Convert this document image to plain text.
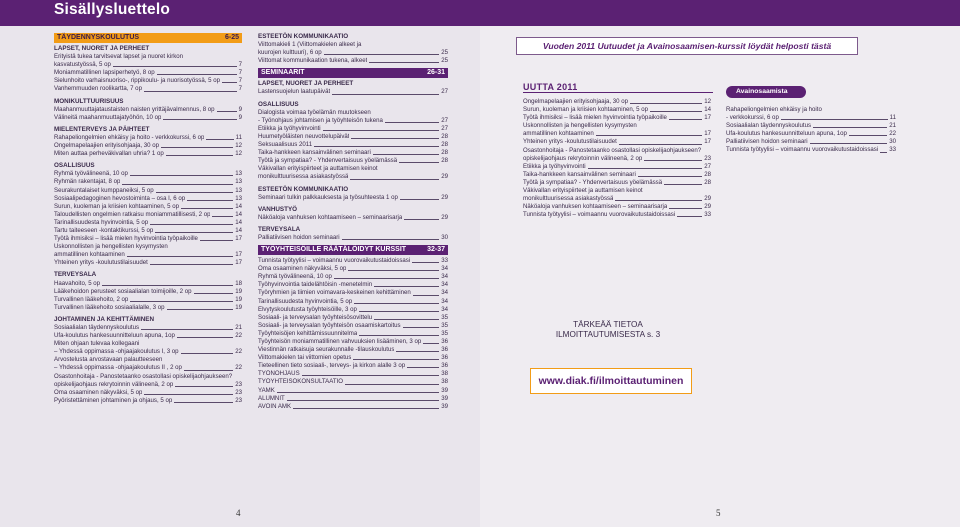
Sisällysluettelo
TÄYDENNYSKOULUTUS	6-25
LAPSET, NUORET JA PERHEET
Erityistä tukea tarvitsevat lapset ja nuoret kirkon
kasvatustyössä, 5 op	7
Moniammatillinen lapsiperhetyö, 8 op	7
Sielunhoito varhaisnuoriso-, rippikoulu- ja nuorisotyössä, 5 op	7
Vanhemmuuden roolikartta, 7 op	7
MONIKULTTUURISUUS
Maahanmuuttajataustaisten naisten yrittäjävalmennus, 8 op	9
Välineitä maahanmuuttajatyöhön, 10 op	9
MIELENTERVEYS JA PÄIHTEET
Rahapeliongelmien ehkäisy ja hoito - verkkokurssi, 6 op	11
Ongelmapelaajien erityisohjaaja, 30 op	12
Miten auttaa perheväkivallan uhria? 1 op	12
OSALLISUUS
Ryhmä työvälineenä, 10 op	13
Ryhmän rakentajat, 8 op	13
Seurakuntalaiset kumppaneiksi, 5 op	13
Sosiaalipedagoginen hevostoiminta – osa I, 6 op	13
Surun, kuoleman ja kriisien kohtaaminen, 5 op	14
Taloudellisten ongelmien ratkaisu moniammatillisesti, 2 op	14
Tarinallisuudesta hyvinvointia, 5 op	14
Tartu taiteeseen -kontaktikurssi, 5 op	14
Työtä ihmisiksi – lisää mielen hyvinvointia työpaikoille	17
Uskonnollisten ja hengellisten kysymysten
ammatillinen kohtaaminen	17
Yhteinen yritys -koulutustilaisuudet	17
TERVEYSALA
Haavahoito, 5 op	18
Lääkehoidon perusteet sosiaalialan toimijoille, 2 op	19
Turvallinen lääkehoito, 2 op	19
Turvallinen lääkehoito sosiaalialalle, 3 op	19
JOHTAMINEN JA KEHITTÄMINEN
Sosiaalialan täydennyskoulutus	21
Ufa-koulutus hankesuunnitteluun apuna, 1op	22
Miten ohjaan tulevaa kollegaani
– Yhdessä oppimassa -ohjaajakoulutus I, 3 op	22
Arvostelusta arvostavaan palautteeseen
– Yhdessä oppimassa -ohjaajakoulutus II , 2 op	22
Osastonhoitaja - Panostetaanko osastollasi opiskelijaohjaukseen?
opiskelijaohjaus rekrytoinnin välineenä, 2 op	23
Oma osaaminen näkyväksi, 5 op	23
Pyöristettäminen johtaminen ja ohjaus, 5 op	23
ESTEETÖN KOMMUNIKAATIO
Viittomakieli 1 (Viittomakielen alkeet ja
kuurojen kulttuuri), 6 op	25
Viittomat kommunikaation tukena, alkeet	25
SEMINAARIT	26-31
LAPSET, NUORET JA PERHEET
Lastensuojelun laatupäivät	27
OSALLISUUS
Dialogista voimaa työelämän muutokseen
- Työnohjaus johtamisen ja työyhteisön tukena	27
Etiikka ja työhyvinvointi	27
Huumetyöläisten neuvottelupäivät	28
Seksuaalisuus 2011	28
Taika-hankkeen kansainvälinen seminaari	28
Työtä ja sympatiaa? - Yhdenvertaisuus yöelämässä	28
Väkivallan erityispiirteet ja auttamisen keinot
monikulttuurisessa asiakastyössä	29
ESTEETÖN KOMMUNIKAATIO
Seminaari tulkin palkkauksesta ja työsuhteesta 1 op	29
VANHUSTYÖ
Näköaloja vanhuksen kohtaamiseen – seminaarisarja	29
TERVEYSALA
Palliatiivisen hoidon seminaari	30
TYÖYHTEISÖILLE RÄÄTÄLÖIDYT KURSSIT	32-37
Tunnista työtyylisi – voimaannu vuorovaikutustaidoissasi	33
Oma osaaminen näkyväksi, 5 op	34
Ryhmä työvälineenä, 10 op	34
Työhyvinvointia taidelähtöisin -menetelmin	34
Työryhmien ja tiimien voimavara-keskeinen kehittäminen	34
Tarinallisuudesta hyvinvointia, 5 op	34
Elvytyskoulutusta työyhteisöille, 3 op	34
Sosiaali- ja terveysalan työyhteisösovittelu	35
Sosiaali- ja terveysalan työyhteisön osaamiskartoitus	35
Työyhteisöjen kehittämissuunnitelma	35
Työyhteisön moniammatillinen vahvuuksien lisääminen, 3 op	36
Viestinnän ratkaisuja seurakunnalle -tilauskoulutus	36
Viittomakielen tai viittomien opetus	36
Tieteellinen tieto sosiaali-, terveys- ja kirkon alalle 3 op	36
TYÖNOHJAUS	38
TYÖYHTEISÖKONSULTAATIO	38
YAMK	39
ALUMNIT	39
AVOIN AMK	39
Vuoden 2011 Uutuudet ja Avainosaamisen-kurssit löydät helposti tästä
UUTTA 2011
Ongelmapelaajien erityisohjaaja, 30 op	12
Surun, kuoleman ja kriisien kohtaaminen, 5 op	14
Työtä ihmisiksi – lisää mielen hyvinvointia työpaikoille	17
Uskonnollisten ja hengellisten kysymysten
ammatillinen kohtaaminen	17
Yhteinen yritys -koulutustilaisuudet	17
Osastonhoitaja - Panostetaanko osastollasi opiskelijaohjaukseen?
opiskelijaohjaus rekrytoinnin välineenä, 2 op	23
Etiikka ja työhyvinvointi	27
Taika-hankkeen kansainvälinen seminaari	28
Työtä ja sympatiaa? - Yhdenvertaisuus yöelämässä	28
Väkivallan erityispiirteet ja auttamisen keinot
monikulttuurisessa asiakastyössä	29
Näköaloja vanhuksen kohtaamiseen – seminaarisarja	29
Tunnista työtyylisi – voimaannu vuorovaikutustaidoissasi	33
Avainosaamista
Rahapeliongelmien ehkäisy ja hoito
- verkkokurssi, 6 op	11
Sosiaalialan täydennyskoulutus	21
Ufa-koulutus hankesuunnitteluun apuna, 1op	22
Palliatiivisen hoidon seminaari	30
Tunnista työtyylisi – voimaannu vuorovaikutustaidoissasi 33
TÄRKEÄÄ TIETOA
ILMOITTAUTUMISESTA s. 3
www.diak.fi/ilmoittautuminen
4	5
